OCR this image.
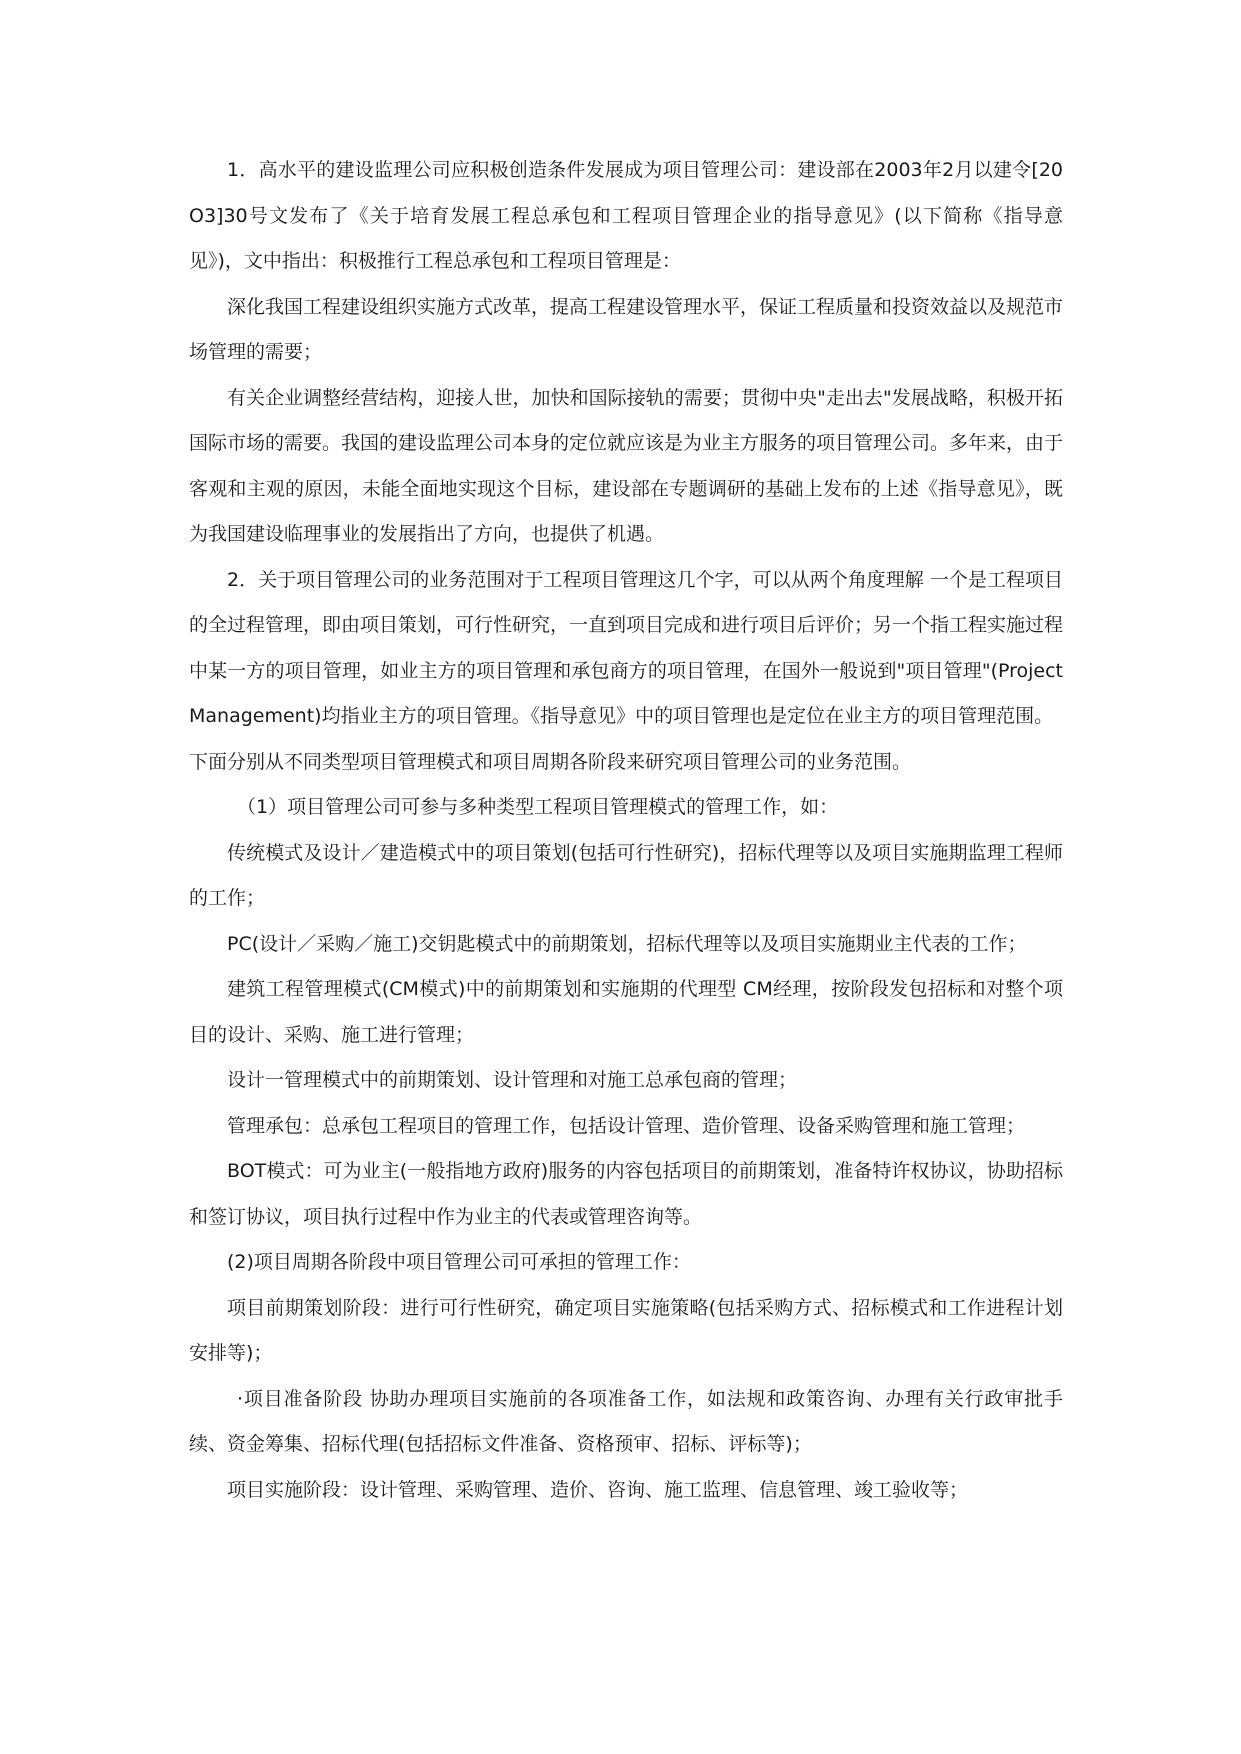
1．高水平的建设监理公司应积极创造条件发展成为项目管理公司：建设部在2003年2月以建令[20O3]30号文发布了《关于培育发展工程总承包和工程项目管理企业的指导意见》(以下简称《指导意见》)，文中指出：积极推行工程总承包和工程项目管理是：

深化我国工程建设组织实施方式改革，提高工程建设管理水平，保证工程质量和投资效益以及规范市场管理的需要；

有关企业调整经营结构，迎接人世，加快和国际接轨的需要；贯彻中央"走出去"发展战略，积极开拓国际市场的需要。我国的建设监理公司本身的定位就应该是为业主方服务的项目管理公司。多年来，由于客观和主观的原因，未能全面地实现这个目标，建设部在专题调研的基础上发布的上述《指导意见》，既为我国建设临理事业的发展指出了方向，也提供了机遇。

2．关于项目管理公司的业务范围对于工程项目管理这几个字，可以从两个角度理解 一个是工程项目的全过程管理，即由项目策划，可行性研究，一直到项目完成和进行项目后评价；另一个指工程实施过程中某一方的项目管理，如业主方的项目管理和承包商方的项目管理，在国外一般说到"项目管理"(ProjectManagement)均指业主方的项目管理。《指导意见》中的项目管理也是定位在业主方的项目管理范围。

下面分别从不同类型项目管理模式和项目周期各阶段来研究项目管理公司的业务范围。

（1）项目管理公司可参与多种类型工程项目管理模式的管理工作，如：

传统模式及设计／建造模式中的项目策划(包括可行性研究)，招标代理等以及项目实施期监理工程师的工作；

PC(设计／采购／施工)交钥匙模式中的前期策划，招标代理等以及项目实施期业主代表的工作；

建筑工程管理模式(CM模式)中的前期策划和实施期的代理型 CM经理，按阶段发包招标和对整个项目的设计、采购、施工进行管理；

设计一管理模式中的前期策划、设计管理和对施工总承包商的管理；

管理承包：总承包工程项目的管理工作，包括设计管理、造价管理、设备采购管理和施工管理；

BOT模式：可为业主(一般指地方政府)服务的内容包括项目的前期策划，准备特许权协议，协助招标和签订协议，项目执行过程中作为业主的代表或管理咨询等。

(2)项目周期各阶段中项目管理公司可承担的管理工作：

项目前期策划阶段：进行可行性研究，确定项目实施策略(包括采购方式、招标模式和工作进程计划安排等)；

·项目准备阶段 协助办理项目实施前的各项准备工作，如法规和政策咨询、办理有关行政审批手续、资金筹集、招标代理(包括招标文件准备、资格预审、招标、评标等)；

项目实施阶段：设计管理、采购管理、造价、咨询、施工监理、信息管理、竣工验收等；
